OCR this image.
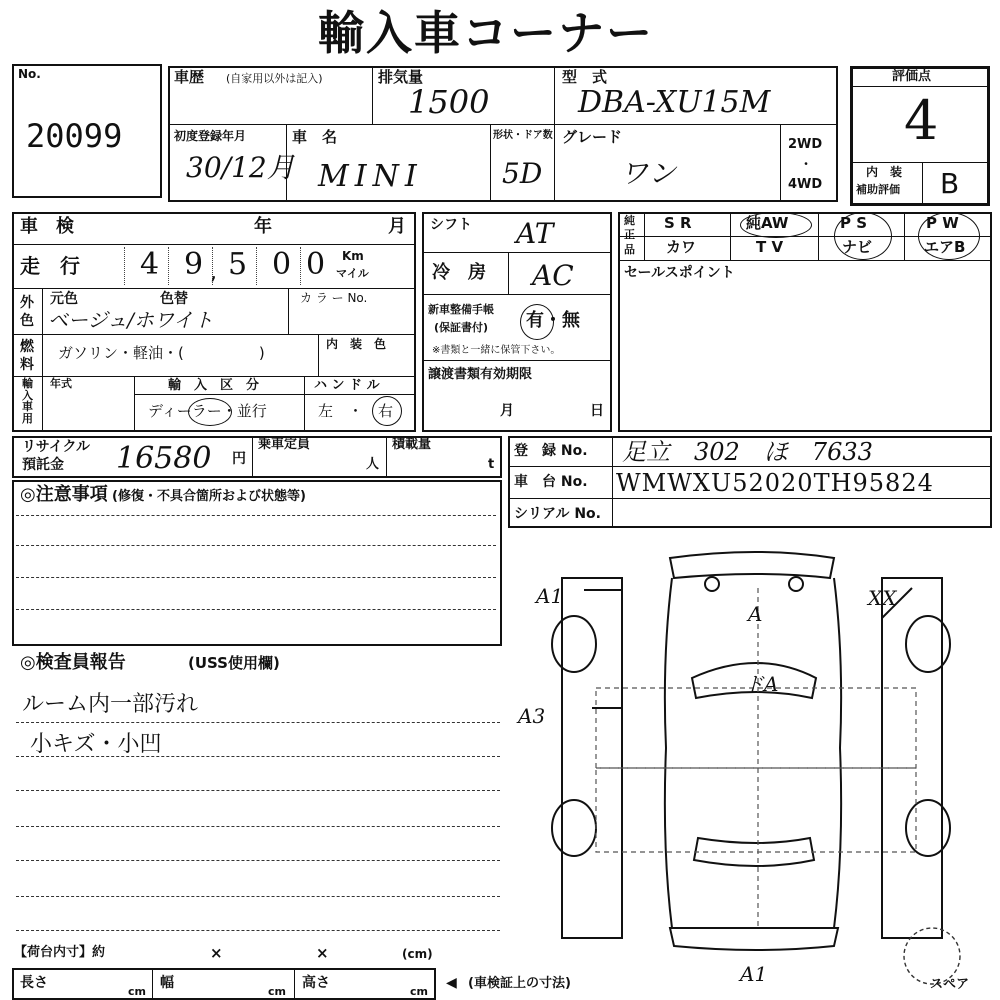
輸入車コーナー
No.
20099
車歴 (自家用以外は記入)	排気量
1500
型　式
DBA-XU15M
初度登録年月
30/12月
車　名
MINI
形状・ドア数
5D
グレード
ワン
2WD
・
4WD
評価点
4
内　装
補助評価 B
車　検	年	月
走　行 4 9 , 5 0 0 Km
マイル
外
色
元色	色替	カ ラ ー No.
ベージュ/ホワイト
燃
料
ガソリン・軽油・(　　　　　)	内　装　色
輸
入
車
用
年式	輸　入　区　分
ディーラー・並行
ハ ン ド ル
左　・　右
シフト AT
冷　房 AC
新車整備手帳
(保証書付) 有・無
※書類と一緒に保管下さい。
譲渡書類有効期限
月	日
純
正
品
S R	純AW	P S	P W
カワ	T V	ナビ	エアB
セールスポイント
リサイクル
預託金 16580 円
乗車定員
人
積載量
t
登　録 No. 足立　302　ほ　7633
車　台 No. WMWXU52020TH95824
シリアル No.
◎注意事項 (修復・不具合箇所および状態等)
◎検査員報告	(USS使用欄)
ルーム内一部汚れ
小キズ・小凹
A1
A
XX
ドA
A3
A1	スペア
【荷台内寸】約	×	×	(cm)
長さ
cm
幅
cm
高さ
cm
◀ (車検証上の寸法)
